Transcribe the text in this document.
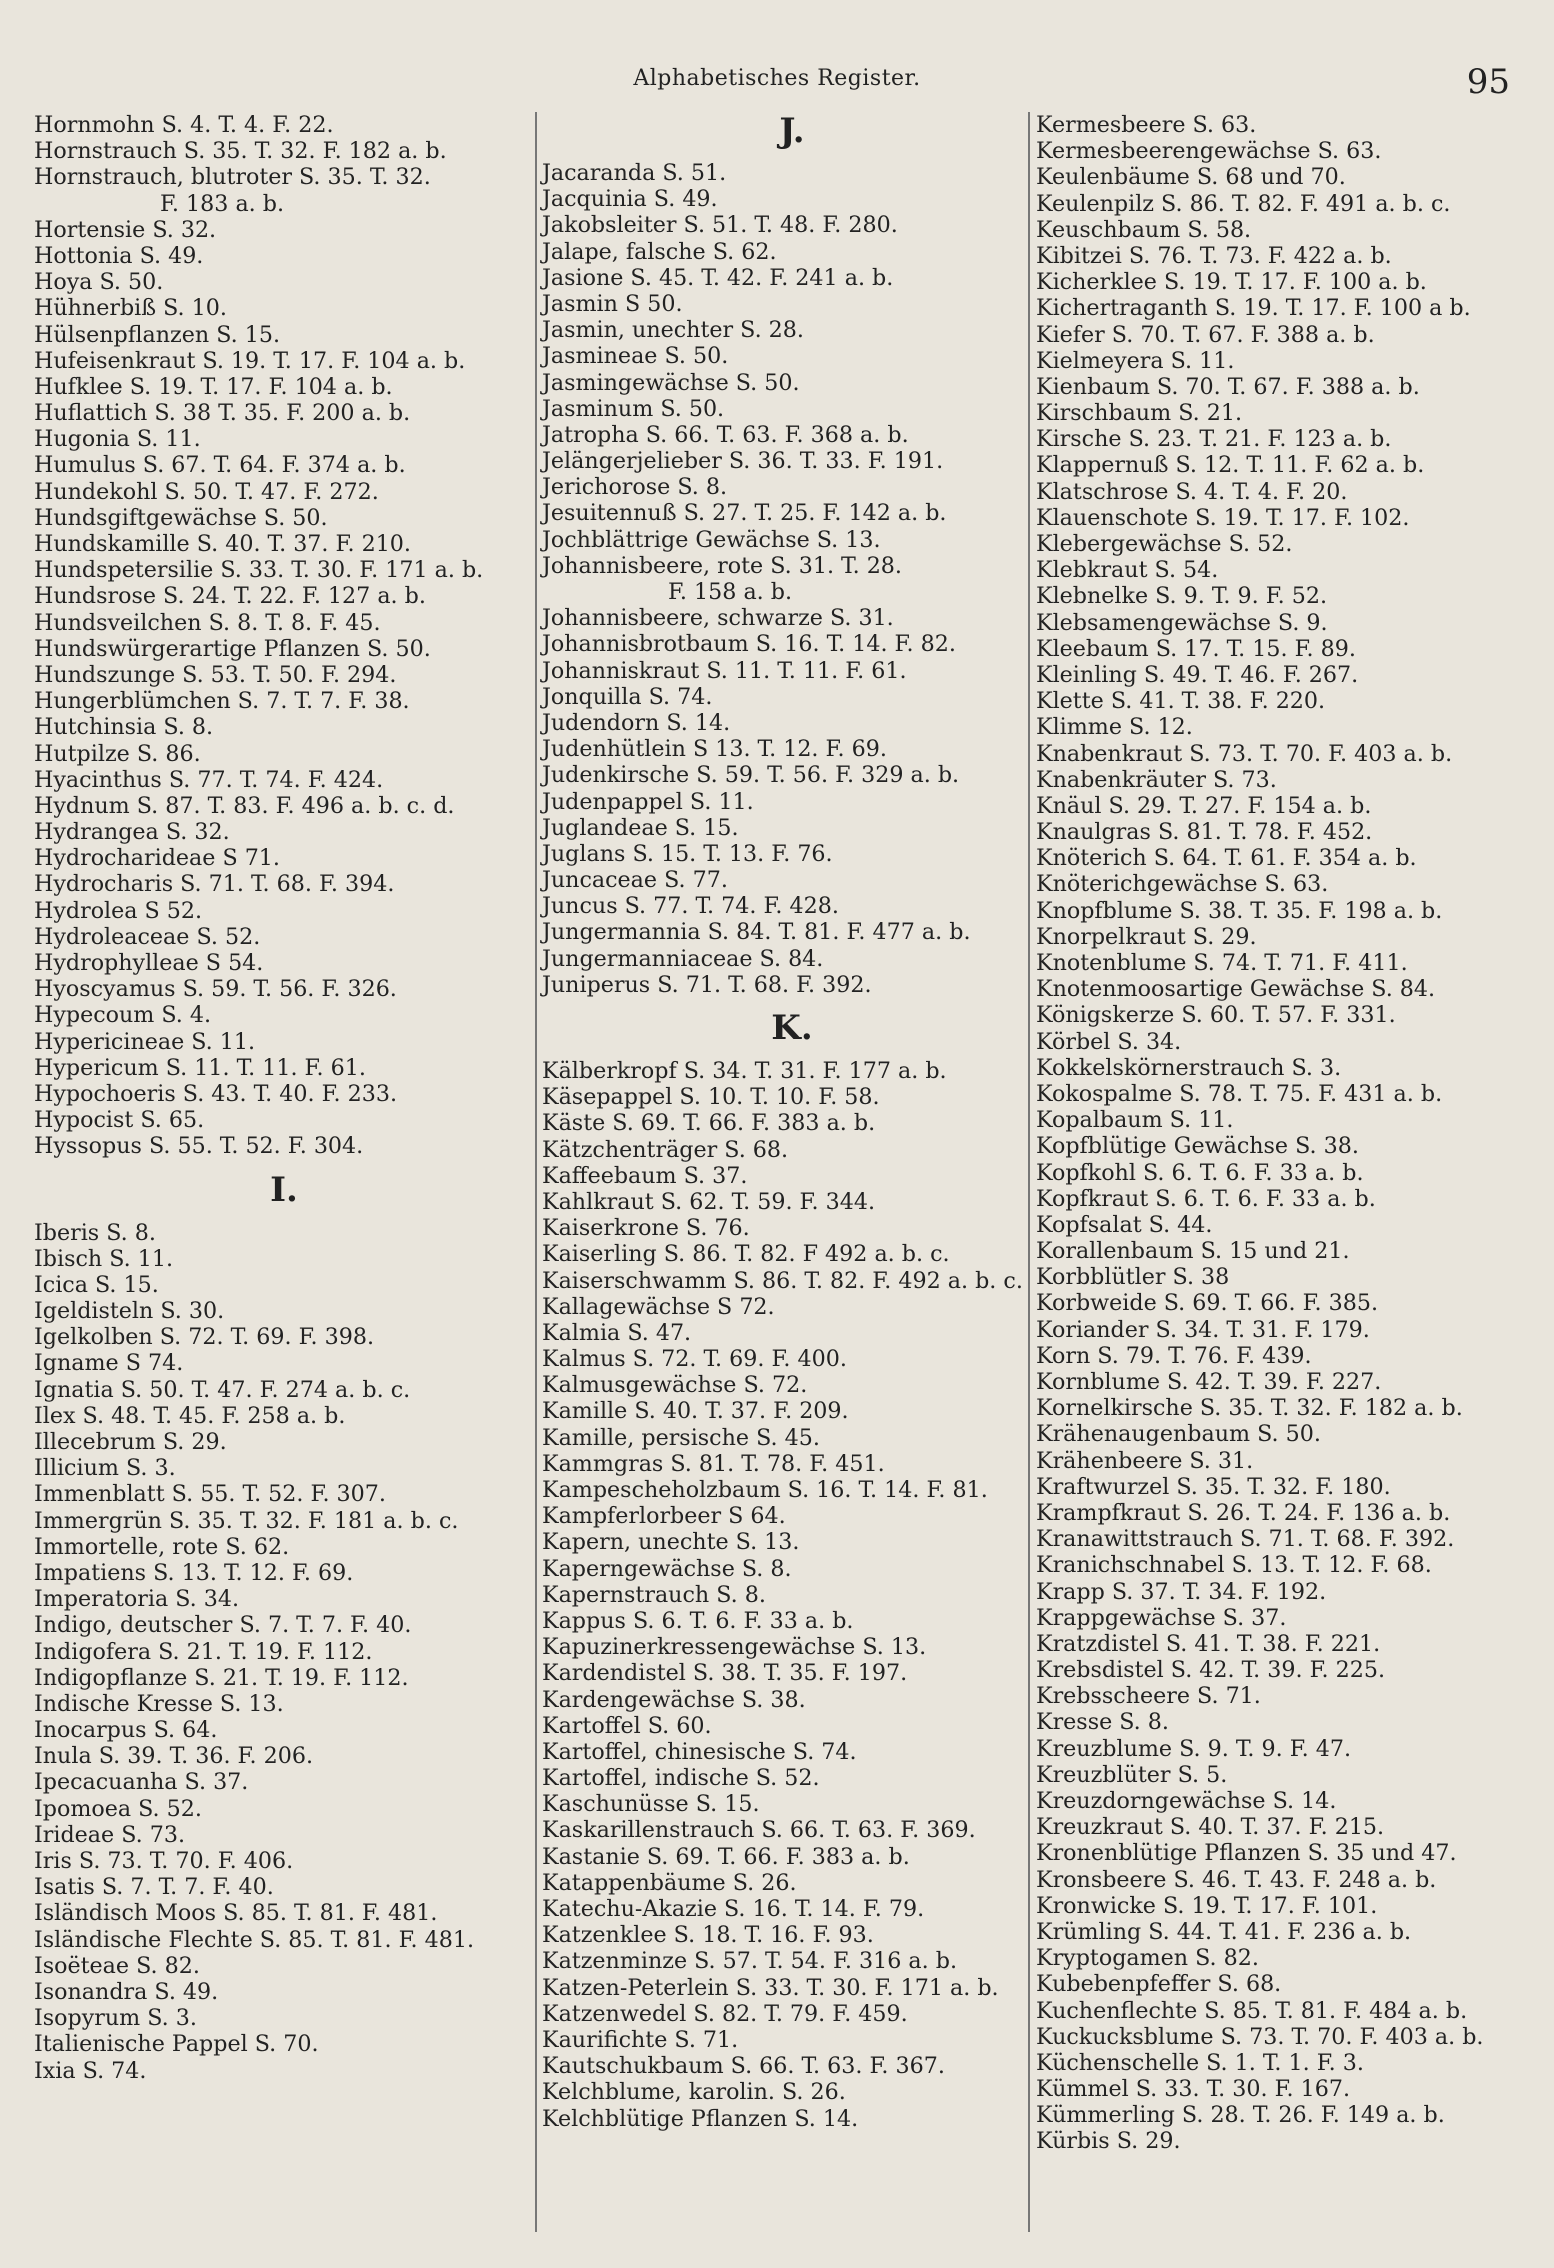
Alphabetisches Register.	95
Hornmohn S. 4. T. 4. F. 22.
Hornstrauch S. 35. T. 32. F. 182 a. b.
Hornstrauch, blutroter S. 35. T. 32.
F. 183 a. b.
Hortensie S. 32.
Hottonia S. 49.
Hoya S. 50.
Hühnerbiß S. 10.
Hülsenpflanzen S. 15.
Hufeisenkraut S. 19. T. 17. F. 104 a. b.
Hufklee S. 19. T. 17. F. 104 a. b.
Huflattich S. 38 T. 35. F. 200 a. b.
Hugonia S. 11.
Humulus S. 67. T. 64. F. 374 a. b.
Hundekohl S. 50. T. 47. F. 272.
Hundsgiftgewächse S. 50.
Hundskamille S. 40. T. 37. F. 210.
Hundspetersilie S. 33. T. 30. F. 171 a. b.
Hundsrose S. 24. T. 22. F. 127 a. b.
Hundsveilchen S. 8. T. 8. F. 45.
Hundswürgerartige Pflanzen S. 50.
Hundszunge S. 53. T. 50. F. 294.
Hungerblümchen S. 7. T. 7. F. 38.
Hutchinsia S. 8.
Hutpilze S. 86.
Hyacinthus S. 77. T. 74. F. 424.
Hydnum S. 87. T. 83. F. 496 a. b. c. d.
Hydrangea S. 32.
Hydrocharideae S 71.
Hydrocharis S. 71. T. 68. F. 394.
Hydrolea S 52.
Hydroleaceae S. 52.
Hydrophylleae S 54.
Hyoscyamus S. 59. T. 56. F. 326.
Hypecoum S. 4.
Hypericineae S. 11.
Hypericum S. 11. T. 11. F. 61.
Hypochoeris S. 43. T. 40. F. 233.
Hypocist S. 65.
Hyssopus S. 55. T. 52. F. 304.
I.
Iberis S. 8.
Ibisch S. 11.
Icica S. 15.
Igeldisteln S. 30.
Igelkolben S. 72. T. 69. F. 398.
Igname S 74.
Ignatia S. 50. T. 47. F. 274 a. b. c.
Ilex S. 48. T. 45. F. 258 a. b.
Illecebrum S. 29.
Illicium S. 3.
Immenblatt S. 55. T. 52. F. 307.
Immergrün S. 35. T. 32. F. 181 a. b. c.
Immortelle, rote S. 62.
Impatiens S. 13. T. 12. F. 69.
Imperatoria S. 34.
Indigo, deutscher S. 7. T. 7. F. 40.
Indigofera S. 21. T. 19. F. 112.
Indigopflanze S. 21. T. 19. F. 112.
Indische Kresse S. 13.
Inocarpus S. 64.
Inula S. 39. T. 36. F. 206.
Ipecacuanha S. 37.
Ipomoea S. 52.
Irideae S. 73.
Iris S. 73. T. 70. F. 406.
Isatis S. 7. T. 7. F. 40.
Isländisch Moos S. 85. T. 81. F. 481.
Isländische Flechte S. 85. T. 81. F. 481.
Isoëteae S. 82.
Isonandra S. 49.
Isopyrum S. 3.
Italienische Pappel S. 70.
Ixia S. 74.
J.
Jacaranda S. 51.
Jacquinia S. 49.
Jakobsleiter S. 51. T. 48. F. 280.
Jalape, falsche S. 62.
Jasione S. 45. T. 42. F. 241 a. b.
Jasmin S 50.
Jasmin, unechter S. 28.
Jasmineae S. 50.
Jasmingewächse S. 50.
Jasminum S. 50.
Jatropha S. 66. T. 63. F. 368 a. b.
Jelängerjelieber S. 36. T. 33. F. 191.
Jerichorose S. 8.
Jesuitennuß S. 27. T. 25. F. 142 a. b.
Jochblättrige Gewächse S. 13.
Johannisbeere, rote S. 31. T. 28.
F. 158 a. b.
Johannisbeere, schwarze S. 31.
Johannisbrotbaum S. 16. T. 14. F. 82.
Johanniskraut S. 11. T. 11. F. 61.
Jonquilla S. 74.
Judendorn S. 14.
Judenhütlein S 13. T. 12. F. 69.
Judenkirsche S. 59. T. 56. F. 329 a. b.
Judenpappel S. 11.
Juglandeae S. 15.
Juglans S. 15. T. 13. F. 76.
Juncaceae S. 77.
Juncus S. 77. T. 74. F. 428.
Jungermannia S. 84. T. 81. F. 477 a. b.
Jungermanniaceae S. 84.
Juniperus S. 71. T. 68. F. 392.
K.
Kälberkropf S. 34. T. 31. F. 177 a. b.
Käsepappel S. 10. T. 10. F. 58.
Käste S. 69. T. 66. F. 383 a. b.
Kätzchenträger S. 68.
Kaffeebaum S. 37.
Kahlkraut S. 62. T. 59. F. 344.
Kaiserkrone S. 76.
Kaiserling S. 86. T. 82. F 492 a. b. c.
Kaiserschwamm S. 86. T. 82. F. 492 a. b. c.
Kallagewächse S 72.
Kalmia S. 47.
Kalmus S. 72. T. 69. F. 400.
Kalmusgewächse S. 72.
Kamille S. 40. T. 37. F. 209.
Kamille, persische S. 45.
Kammgras S. 81. T. 78. F. 451.
Kampescheholzbaum S. 16. T. 14. F. 81.
Kampferlorbeer S 64.
Kapern, unechte S. 13.
Kaperngewächse S. 8.
Kapernstrauch S. 8.
Kappus S. 6. T. 6. F. 33 a. b.
Kapuzinerkressengewächse S. 13.
Kardendistel S. 38. T. 35. F. 197.
Kardengewächse S. 38.
Kartoffel S. 60.
Kartoffel, chinesische S. 74.
Kartoffel, indische S. 52.
Kaschunüsse S. 15.
Kaskarillenstrauch S. 66. T. 63. F. 369.
Kastanie S. 69. T. 66. F. 383 a. b.
Katappenbäume S. 26.
Katechu-Akazie S. 16. T. 14. F. 79.
Katzenklee S. 18. T. 16. F. 93.
Katzenminze S. 57. T. 54. F. 316 a. b.
Katzen-Peterlein S. 33. T. 30. F. 171 a. b.
Katzenwedel S. 82. T. 79. F. 459.
Kaurifichte S. 71.
Kautschukbaum S. 66. T. 63. F. 367.
Kelchblume, karolin. S. 26.
Kelchblütige Pflanzen S. 14.
Kermesbeere S. 63.
Kermesbeerengewächse S. 63.
Keulenbäume S. 68 und 70.
Keulenpilz S. 86. T. 82. F. 491 a. b. c.
Keuschbaum S. 58.
Kibitzei S. 76. T. 73. F. 422 a. b.
Kicherklee S. 19. T. 17. F. 100 a. b.
Kichertraganth S. 19. T. 17. F. 100 a b.
Kiefer S. 70. T. 67. F. 388 a. b.
Kielmeyera S. 11.
Kienbaum S. 70. T. 67. F. 388 a. b.
Kirschbaum S. 21.
Kirsche S. 23. T. 21. F. 123 a. b.
Klappernuß S. 12. T. 11. F. 62 a. b.
Klatschrose S. 4. T. 4. F. 20.
Klauenschote S. 19. T. 17. F. 102.
Klebergewächse S. 52.
Klebkraut S. 54.
Klebnelke S. 9. T. 9. F. 52.
Klebsamengewächse S. 9.
Kleebaum S. 17. T. 15. F. 89.
Kleinling S. 49. T. 46. F. 267.
Klette S. 41. T. 38. F. 220.
Klimme S. 12.
Knabenkraut S. 73. T. 70. F. 403 a. b.
Knabenkräuter S. 73.
Knäul S. 29. T. 27. F. 154 a. b.
Knaulgras S. 81. T. 78. F. 452.
Knöterich S. 64. T. 61. F. 354 a. b.
Knöterichgewächse S. 63.
Knopfblume S. 38. T. 35. F. 198 a. b.
Knorpelkraut S. 29.
Knotenblume S. 74. T. 71. F. 411.
Knotenmoosartige Gewächse S. 84.
Königskerze S. 60. T. 57. F. 331.
Körbel S. 34.
Kokkelskörnerstrauch S. 3.
Kokospalme S. 78. T. 75. F. 431 a. b.
Kopalbaum S. 11.
Kopfblütige Gewächse S. 38.
Kopfkohl S. 6. T. 6. F. 33 a. b.
Kopfkraut S. 6. T. 6. F. 33 a. b.
Kopfsalat S. 44.
Korallenbaum S. 15 und 21.
Korbblütler S. 38
Korbweide S. 69. T. 66. F. 385.
Koriander S. 34. T. 31. F. 179.
Korn S. 79. T. 76. F. 439.
Kornblume S. 42. T. 39. F. 227.
Kornelkirsche S. 35. T. 32. F. 182 a. b.
Krähenaugenbaum S. 50.
Krähenbeere S. 31.
Kraftwurzel S. 35. T. 32. F. 180.
Krampfkraut S. 26. T. 24. F. 136 a. b.
Kranawittstrauch S. 71. T. 68. F. 392.
Kranichschnabel S. 13. T. 12. F. 68.
Krapp S. 37. T. 34. F. 192.
Krappgewächse S. 37.
Kratzdistel S. 41. T. 38. F. 221.
Krebsdistel S. 42. T. 39. F. 225.
Krebsscheere S. 71.
Kresse S. 8.
Kreuzblume S. 9. T. 9. F. 47.
Kreuzblüter S. 5.
Kreuzdorngewächse S. 14.
Kreuzkraut S. 40. T. 37. F. 215.
Kronenblütige Pflanzen S. 35 und 47.
Kronsbeere S. 46. T. 43. F. 248 a. b.
Kronwicke S. 19. T. 17. F. 101.
Krümling S. 44. T. 41. F. 236 a. b.
Kryptogamen S. 82.
Kubebenpfeffer S. 68.
Kuchenflechte S. 85. T. 81. F. 484 a. b.
Kuckucksblume S. 73. T. 70. F. 403 a. b.
Küchenschelle S. 1. T. 1. F. 3.
Kümmel S. 33. T. 30. F. 167.
Kümmerling S. 28. T. 26. F. 149 a. b.
Kürbis S. 29.
